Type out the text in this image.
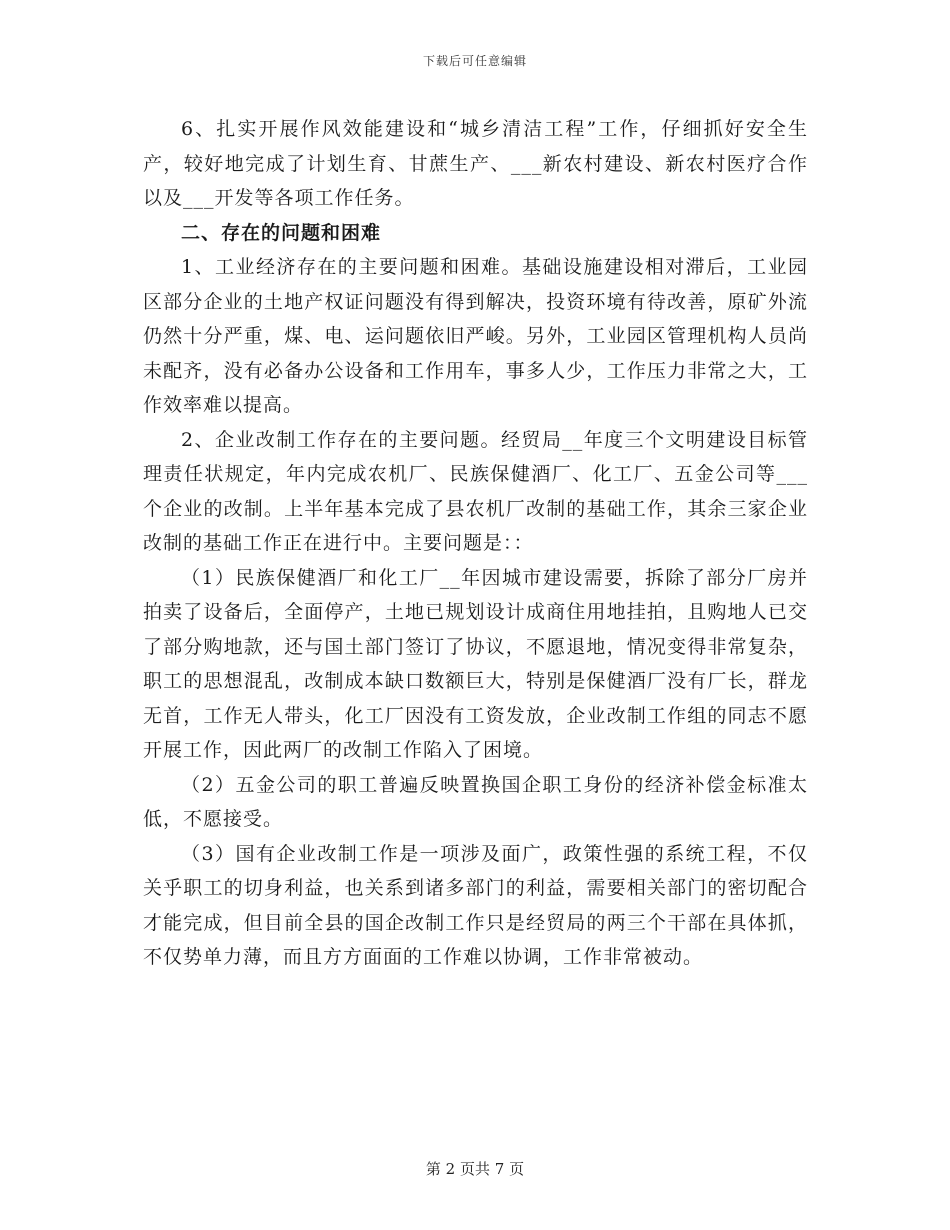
下载后可任意编辑

6、扎实开展作风效能建设和“城乡清洁工程”工作，仔细抓好安全生产，较好地完成了计划生育、甘蔗生产、___新农村建设、新农村医疗合作以及___开发等各项工作任务。

二、存在的问题和困难

1、工业经济存在的主要问题和困难。基础设施建设相对滞后，工业园区部分企业的土地产权证问题没有得到解决，投资环境有待改善，原矿外流仍然十分严重，煤、电、运问题依旧严峻。另外，工业园区管理机构人员尚未配齐，没有必备办公设备和工作用车，事多人少，工作压力非常之大，工作效率难以提高。

2、企业改制工作存在的主要问题。经贸局__年度三个文明建设目标管理责任状规定，年内完成农机厂、民族保健酒厂、化工厂、五金公司等___个企业的改制。上半年基本完成了县农机厂改制的基础工作，其余三家企业改制的基础工作正在进行中。主要问题是：：

（1）民族保健酒厂和化工厂__年因城市建设需要，拆除了部分厂房并拍卖了设备后，全面停产，土地已规划设计成商住用地挂拍，且购地人已交了部分购地款，还与国土部门签订了协议，不愿退地，情况变得非常复杂，职工的思想混乱，改制成本缺口数额巨大，特别是保健酒厂没有厂长，群龙无首，工作无人带头，化工厂因没有工资发放，企业改制工作组的同志不愿开展工作，因此两厂的改制工作陷入了困境。

（2）五金公司的职工普遍反映置换国企职工身份的经济补偿金标准太低，不愿接受。

（3）国有企业改制工作是一项涉及面广，政策性强的系统工程，不仅关乎职工的切身利益，也关系到诸多部门的利益，需要相关部门的密切配合才能完成，但目前全县的国企改制工作只是经贸局的两三个干部在具体抓，不仅势单力薄，而且方方面面的工作难以协调，工作非常被动。

第 2 页共 7 页
